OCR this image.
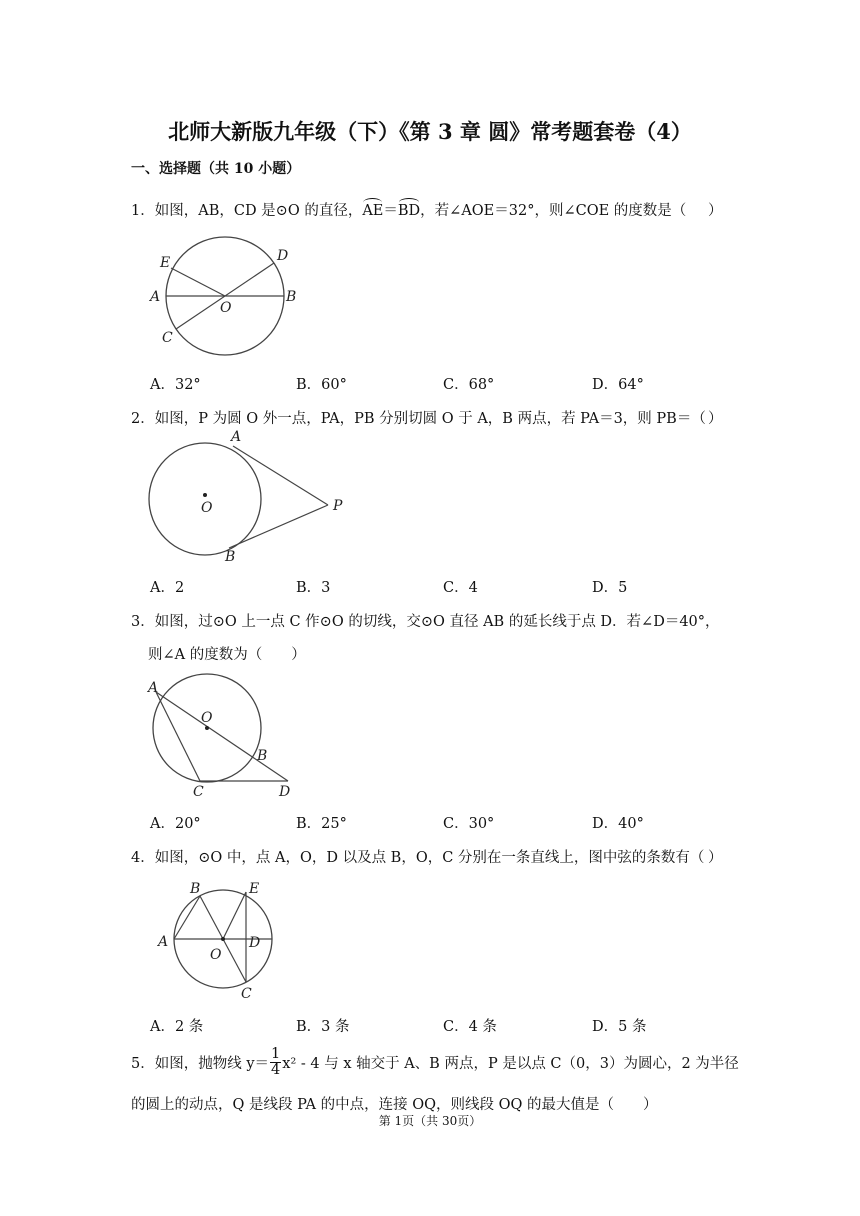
北师大新版九年级（下）《第 3 章 圆》常考题套卷（4）
一、选择题（共 10 小题）
1．如图，AB，CD 是⊙O 的直径，AE＝BD，若∠AOE＝32°，则∠COE 的度数是（ ）
E	D
A
O
B
C
A．32°	B．60°	C．68°	D．64°
2．如图，P 为圆 O 外一点，PA，PB 分别切圆 O 于 A，B 两点，若 PA＝3，则 PB＝（ ）
A
O	P
B
A．2	B．3	C．4	D．5
3．如图，过⊙O 上一点 C 作⊙O 的切线，交⊙O 直径 AB 的延长线于点 D．若∠D＝40°，
则∠A 的度数为（　　）
A
O
B
C	D
A．20°	B．25°	C．30°	D．40°
4．如图，⊙O 中，点 A，O，D 以及点 B，O，C 分别在一条直线上，图中弦的条数有（ ）
B	E
A
O
D
C
A．2 条	B．3 条	C．4 条	D．5 条
5．如图，抛物线 $y= \frac{1}{4} x^2 - 4$ 与 x 轴交于 A、B 两点，P 是以点 C（0，3）为圆心，2 为半径
的圆上的动点，Q 是线段 PA 的中点，连接 OQ，则线段 OQ 的最大值是（　　）
第 1页（共 30页）
